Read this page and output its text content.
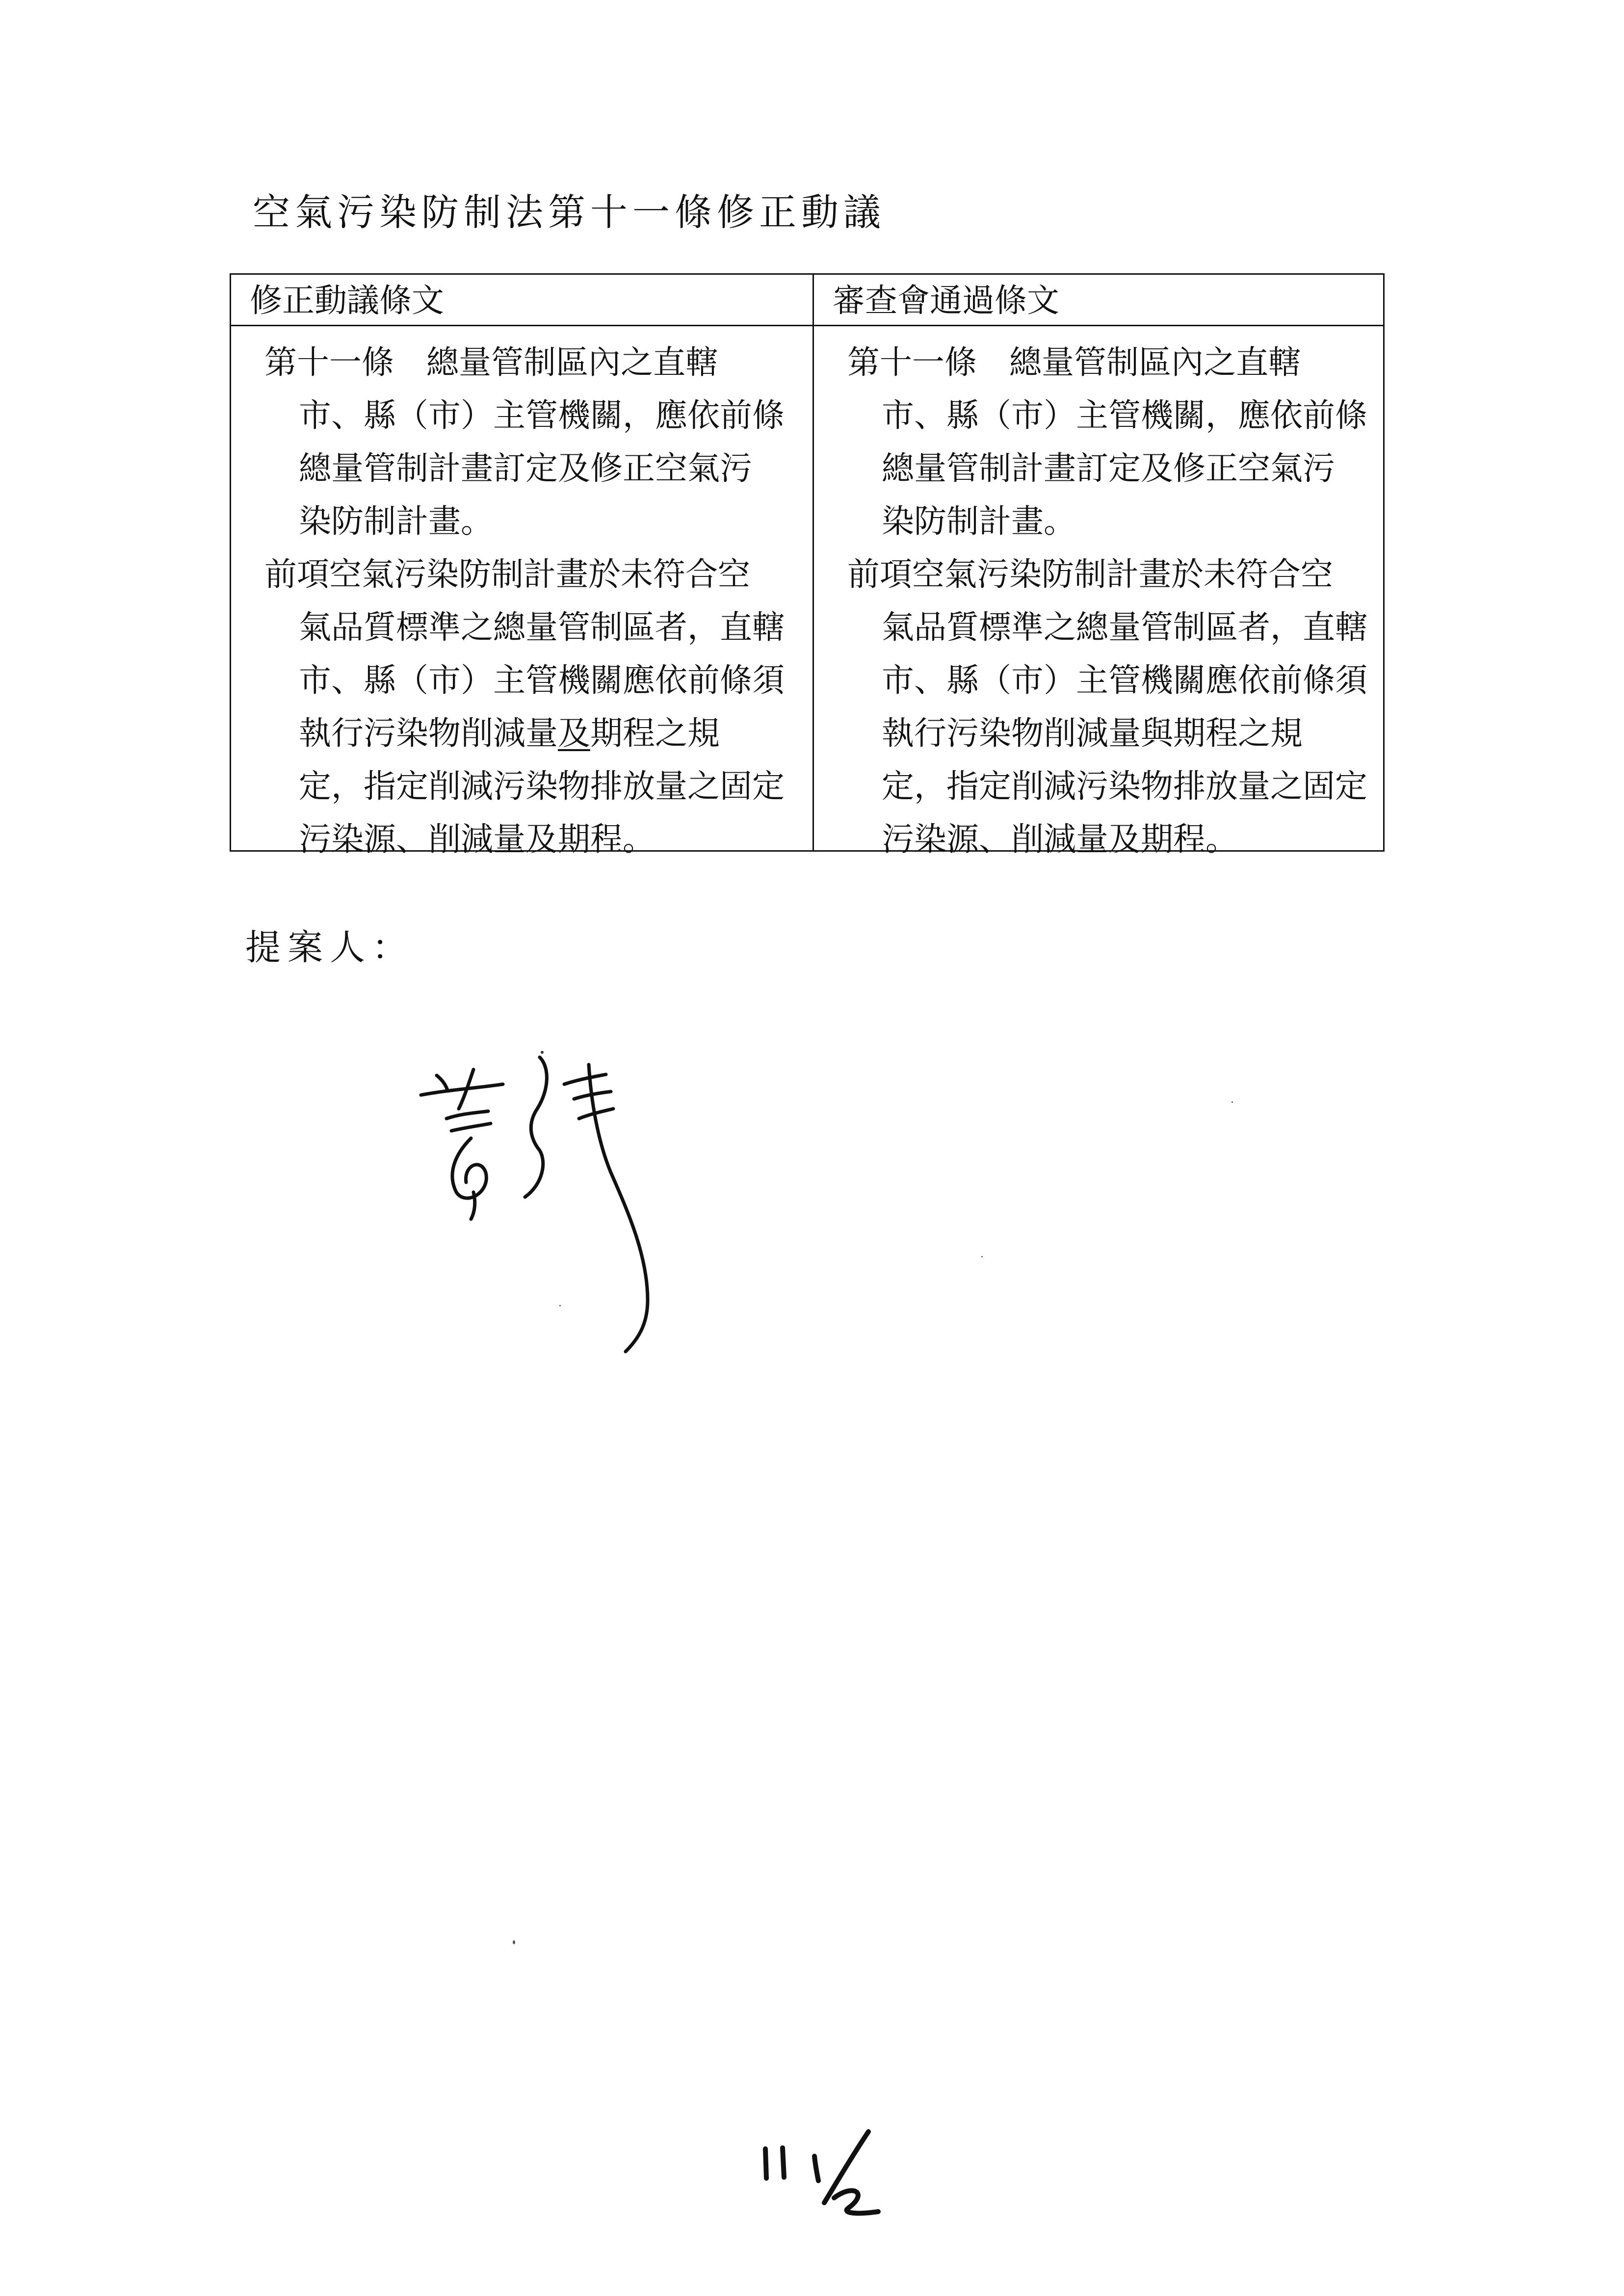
空氣污染防制法第十一條修正動議
修正動議條文
第十一條　總量管制區內之直轄
市、縣（市）主管機關，應依前條
總量管制計畫訂定及修正空氣污
染防制計畫。
前項空氣污染防制計畫於未符合空
氣品質標準之總量管制區者，直轄
市、縣（市）主管機關應依前條須
執行污染物削減量及期程之規
定，指定削減污染物排放量之固定
污染源、削減量及期程。
審查會通過條文
第十一條　總量管制區內之直轄
市、縣（市）主管機關，應依前條
總量管制計畫訂定及修正空氣污
染防制計畫。
前項空氣污染防制計畫於未符合空
氣品質標準之總量管制區者，直轄
市、縣（市）主管機關應依前條須
執行污染物削減量與期程之規
定，指定削減污染物排放量之固定
污染源、削減量及期程。
提案人：
